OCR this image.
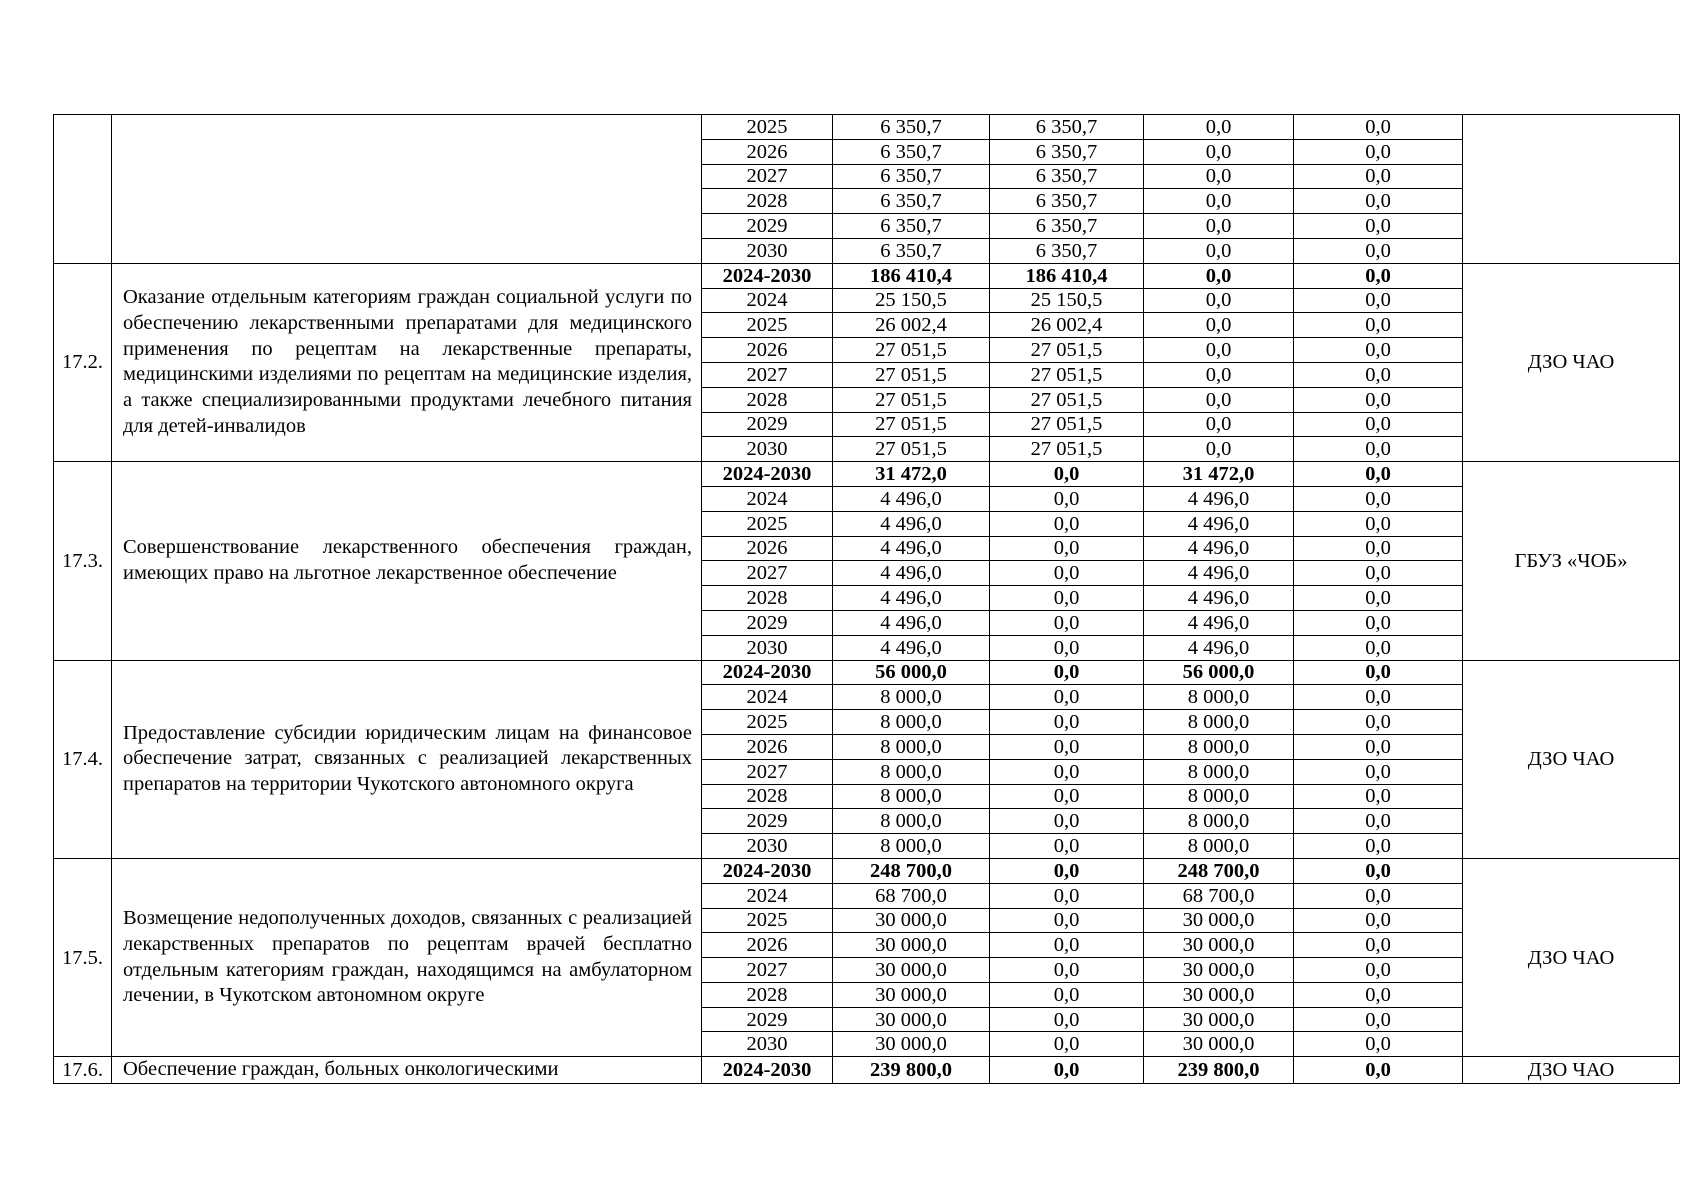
		2025	6 350,7	6 350,7	0,0	0,0	
		2026	6 350,7	6 350,7	0,0	0,0	
		2027	6 350,7	6 350,7	0,0	0,0	
		2028	6 350,7	6 350,7	0,0	0,0	
		2029	6 350,7	6 350,7	0,0	0,0	
		2030	6 350,7	6 350,7	0,0	0,0	
17.2.	Оказание отдельным категориям граждан социальной услуги по обеспечению лекарственными препаратами для медицинского применения по рецептам на лекарственные препараты, медицинскими изделиями по рецептам на медицинские изделия, а также специализированными продуктами лечебного питания для детей-инвалидов	2024-2030	186 410,4	186 410,4	0,0	0,0	ДЗО ЧАО
		2024	25 150,5	25 150,5	0,0	0,0	
		2025	26 002,4	26 002,4	0,0	0,0	
		2026	27 051,5	27 051,5	0,0	0,0	
		2027	27 051,5	27 051,5	0,0	0,0	
		2028	27 051,5	27 051,5	0,0	0,0	
		2029	27 051,5	27 051,5	0,0	0,0	
		2030	27 051,5	27 051,5	0,0	0,0	
17.3.	Совершенствование лекарственного обеспечения граждан, имеющих право на льготное лекарственное обеспечение	2024-2030	31 472,0	0,0	31 472,0	0,0	ГБУЗ «ЧОБ»
		2024	4 496,0	0,0	4 496,0	0,0	
		2025	4 496,0	0,0	4 496,0	0,0	
		2026	4 496,0	0,0	4 496,0	0,0	
		2027	4 496,0	0,0	4 496,0	0,0	
		2028	4 496,0	0,0	4 496,0	0,0	
		2029	4 496,0	0,0	4 496,0	0,0	
		2030	4 496,0	0,0	4 496,0	0,0	
17.4.	Предоставление субсидии юридическим лицам на финансовое обеспечение затрат, связанных с реализацией лекарственных препаратов на территории Чукотского автономного округа	2024-2030	56 000,0	0,0	56 000,0	0,0	ДЗО ЧАО
		2024	8 000,0	0,0	8 000,0	0,0	
		2025	8 000,0	0,0	8 000,0	0,0	
		2026	8 000,0	0,0	8 000,0	0,0	
		2027	8 000,0	0,0	8 000,0	0,0	
		2028	8 000,0	0,0	8 000,0	0,0	
		2029	8 000,0	0,0	8 000,0	0,0	
		2030	8 000,0	0,0	8 000,0	0,0	
17.5.	Возмещение недополученных доходов, связанных с реализацией лекарственных препаратов по рецептам врачей бесплатно отдельным категориям граждан, находящимся на амбулаторном лечении, в Чукотском автономном округе	2024-2030	248 700,0	0,0	248 700,0	0,0	ДЗО ЧАО
		2024	68 700,0	0,0	68 700,0	0,0	
		2025	30 000,0	0,0	30 000,0	0,0	
		2026	30 000,0	0,0	30 000,0	0,0	
		2027	30 000,0	0,0	30 000,0	0,0	
		2028	30 000,0	0,0	30 000,0	0,0	
		2029	30 000,0	0,0	30 000,0	0,0	
		2030	30 000,0	0,0	30 000,0	0,0	
17.6.	Обеспечение граждан, больных онкологическими	2024-2030	239 800,0	0,0	239 800,0	0,0	ДЗО ЧАО
